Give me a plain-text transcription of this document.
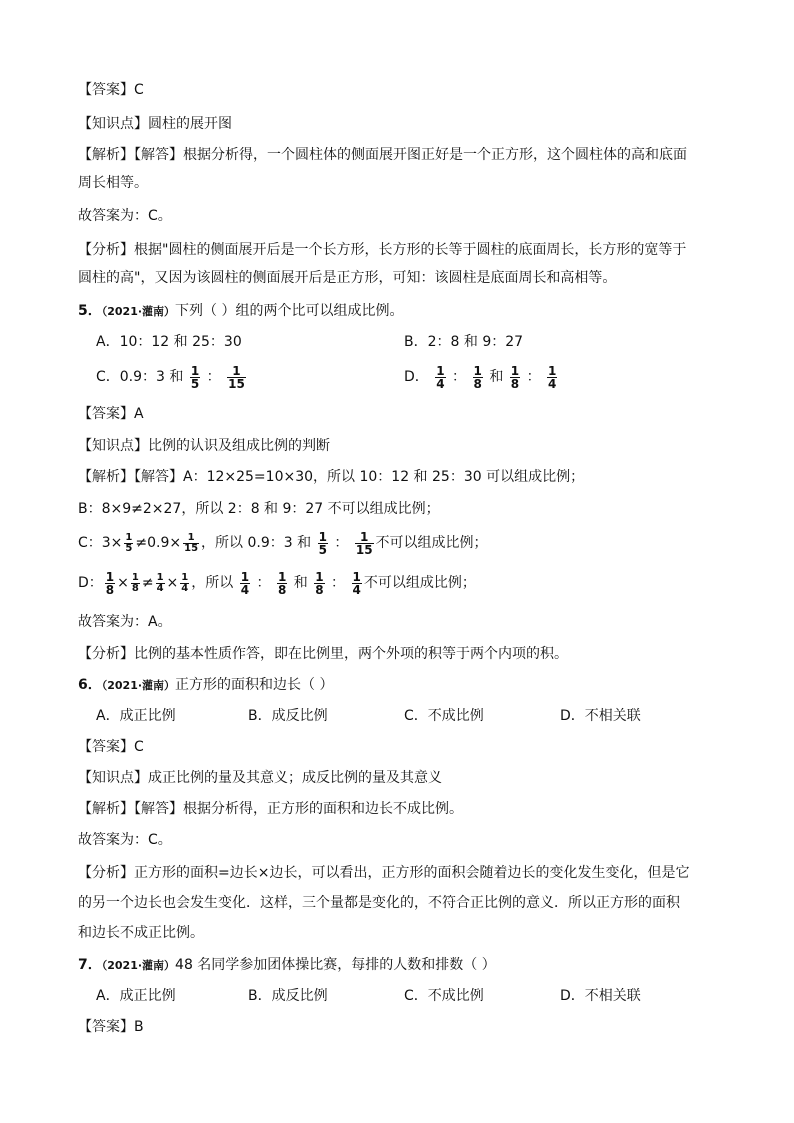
【答案】C
【知识点】圆柱的展开图
【解析】【解答】根据分析得，一个圆柱体的侧面展开图正好是一个正方形，这个圆柱体的高和底面
周长相等。
故答案为：C。
【分析】根据"圆柱的侧面展开后是一个长方形，长方形的长等于圆柱的底面周长，长方形的宽等于
圆柱的高"，又因为该圆柱的侧面展开后是正方形，可知：该圆柱是底面周长和高相等。
5．（2021·灌南）下列（ ）组的两个比可以组成比例。
A．10：12 和 25：30	B．2：8 和 9：27
C．0.9：3 和 $\frac{1}{5}$ ： $\frac{1}{15}$	D． $\frac{1}{4}$ ： $\frac{1}{8}$ 和 $\frac{1}{8}$ ： $\frac{1}{4}$
【答案】A
【知识点】比例的认识及组成比例的判断
【解析】【解答】A：12×25=10×30，所以 10：12 和 25：30 可以组成比例；
B：8×9≠2×27，所以 2：8 和 9：27 不可以组成比例；
C：$3\times \frac{1}{5} \ne 0.9\times \frac{1}{15}$ ，所以 0.9：3 和 $\frac{1}{5}$ ： $\frac{1}{15}$ 不可以组成比例；
D： $\frac{1}{8} \times \frac{1}{8} \ne \frac{1}{4} \times \frac{1}{4}$ ，所以 $\frac{1}{4}$ ： $\frac{1}{8}$ 和 $\frac{1}{8}$ ： $\frac{1}{4}$ 不可以组成比例；
故答案为：A。
【分析】比例的基本性质作答，即在比例里，两个外项的积等于两个内项的积。
6．（2021·灌南）正方形的面积和边长（ ）
A．成正比例	B．成反比例	C．不成比例	D．不相关联
【答案】C
【知识点】成正比例的量及其意义；成反比例的量及其意义
【解析】【解答】根据分析得，正方形的面积和边长不成比例。
故答案为：C。
【分析】正方形的面积=边长×边长，可以看出，正方形的面积会随着边长的变化发生变化，但是它
的另一个边长也会发生变化．这样，三个量都是变化的，不符合正比例的意义．所以正方形的面积
和边长不成正比例。
7．（2021·灌南）48 名同学参加团体操比赛，每排的人数和排数（ ）
A．成正比例	B．成反比例	C．不成比例	D．不相关联
【答案】B
